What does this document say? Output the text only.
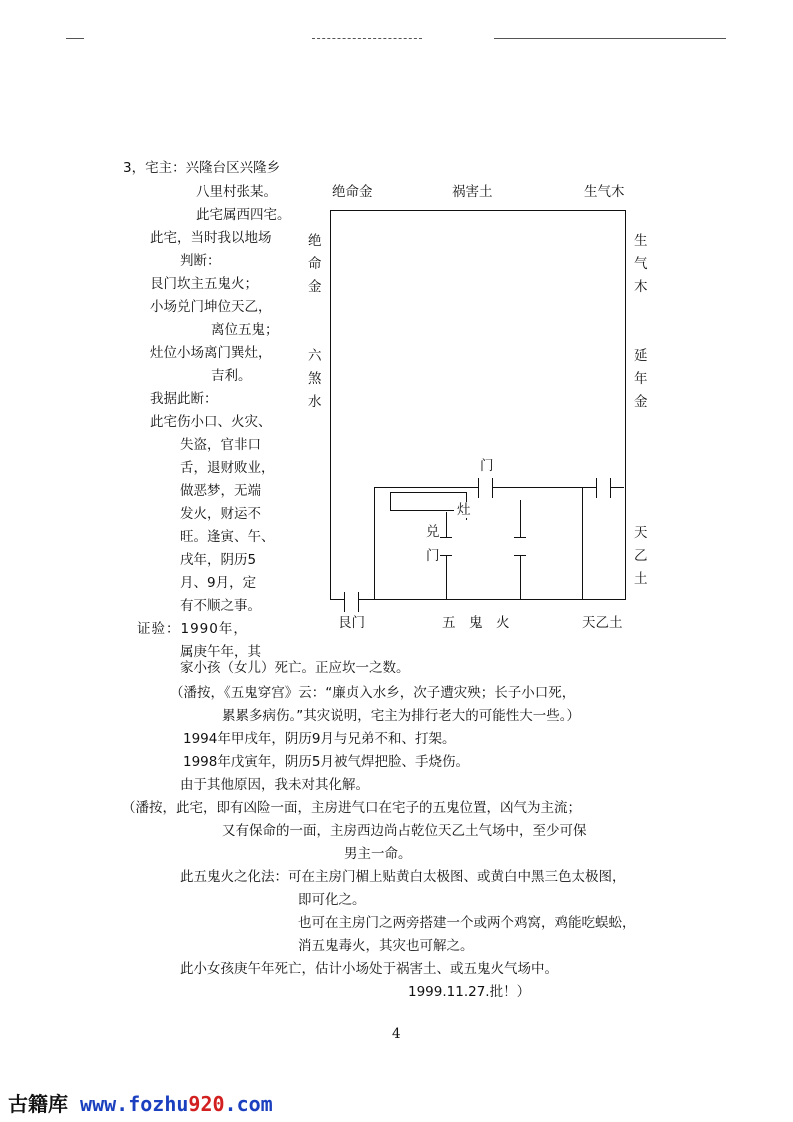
3，宅主：兴隆台区兴隆乡
八里村张某。
此宅属西四宅。
此宅，当时我以地场
判断：
艮门坎主五鬼火；
小场兑门坤位天乙，
离位五鬼；
灶位小场离门巽灶，
吉利。
我据此断：
此宅伤小口、火灾、
失盗，官非口
舌，退财败业，
做恶梦，无端
发火，财运不
旺。逢寅、午、
戌年，阴历5
月、9月，定
有不顺之事。
证验：1990年，
属庚午年，其
绝命金	祸害土	生气木
绝命金
六煞水
生气木
延年金
天乙土
灶
兑
门
门
艮门	五　鬼　火	天乙土
家小孩（女儿）死亡。正应坎一之数。
（潘按，《五鬼穿宫》云：“廉贞入水乡，次子遭灾殃；长子小口死，
累累多病伤。”其灾说明，宅主为排行老大的可能性大一些。）
1994年甲戌年，阴历9月与兄弟不和、打架。
1998年戊寅年，阴历5月被气焊把脸、手烧伤。
由于其他原因，我未对其化解。
（潘按，此宅，即有凶险一面，主房进气口在宅子的五鬼位置，凶气为主流；
又有保命的一面，主房西边尚占乾位天乙土气场中，至少可保
男主一命。
此五鬼火之化法：可在主房门楣上贴黄白太极图、或黄白中黑三色太极图，
即可化之。
也可在主房门之两旁搭建一个或两个鸡窝，鸡能吃蜈蚣，
消五鬼毒火，其灾也可解之。
此小女孩庚午年死亡，估计小场处于祸害土、或五鬼火气场中。
1999.11.27.批！）
4
古籍库 www.fozhu920.com
